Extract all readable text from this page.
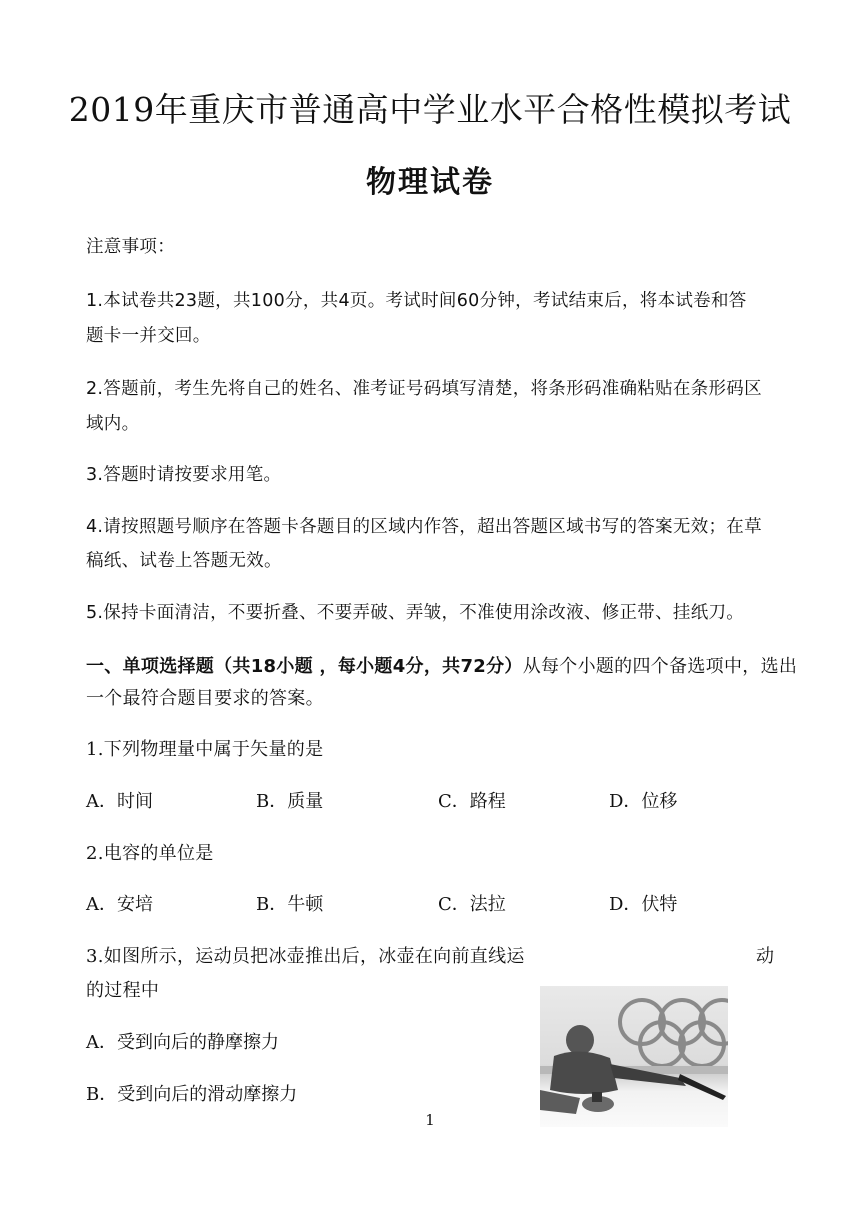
2019年重庆市普通高中学业水平合格性模拟考试
物理试卷
注意事项：
1.本试卷共23题，共100分，共4页。考试时间60分钟，考试结束后，将本试卷和答
题卡一并交回。
2.答题前，考生先将自己的姓名、准考证号码填写清楚，将条形码准确粘贴在条形码区
域内。
3.答题时请按要求用笔。
4.请按照题号顺序在答题卡各题目的区域内作答，超出答题区域书写的答案无效；在草
稿纸、试卷上答题无效。
5.保持卡面清洁，不要折叠、不要弄破、弄皱，不准使用涂改液、修正带、挂纸刀。
一、单项选择题（共18小题 ，每小题4分，共72分）从每个小题的四个备选项中，选出
一个最符合题目要求的答案。
1.下列物理量中属于矢量的是
A．时间	B．质量	C．路程	D．位移
2.电容的单位是
A．安培	B．牛顿	C．法拉	D．伏特
3.如图所示，运动员把冰壶推出后，冰壶在向前直线运	动
的过程中
A．受到向后的静摩擦力
B．受到向后的滑动摩擦力
1
